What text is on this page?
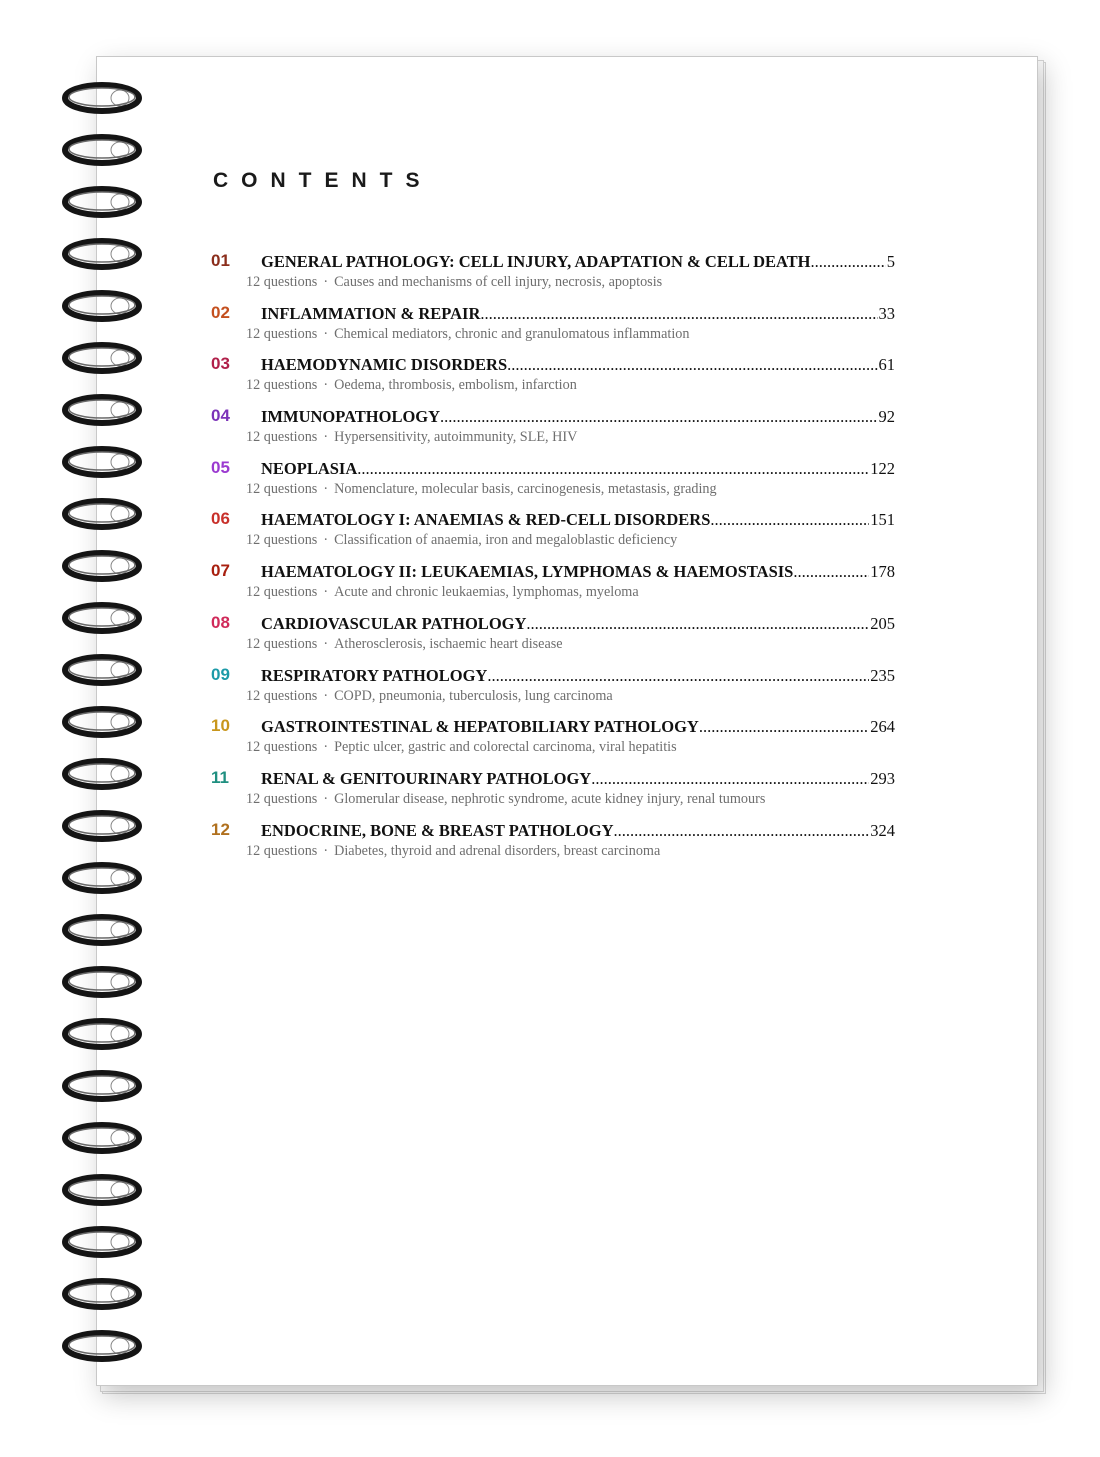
CONTENTS
01 GENERAL PATHOLOGY: CELL INJURY, ADAPTATION & CELL DEATH .....	5
12 questions · Causes and mechanisms of cell injury, necrosis, apoptosis
02 INFLAMMATION & REPAIR .....	33
12 questions · Chemical mediators, chronic and granulomatous inflammation
03 HAEMODYNAMIC DISORDERS .....	61
12 questions · Oedema, thrombosis, embolism, infarction
04 IMMUNOPATHOLOGY .....	92
12 questions · Hypersensitivity, autoimmunity, SLE, HIV
05 NEOPLASIA .....	122
12 questions · Nomenclature, molecular basis, carcinogenesis, metastasis, grading
06 HAEMATOLOGY I: ANAEMIAS & RED-CELL DISORDERS .....	151
12 questions · Classification of anaemia, iron and megaloblastic deficiency
07 HAEMATOLOGY II: LEUKAEMIAS, LYMPHOMAS & HAEMOSTASIS .....	178
12 questions · Acute and chronic leukaemias, lymphomas, myeloma
08 CARDIOVASCULAR PATHOLOGY .....	205
12 questions · Atherosclerosis, ischaemic heart disease
09 RESPIRATORY PATHOLOGY .....	235
12 questions · COPD, pneumonia, tuberculosis, lung carcinoma
10 GASTROINTESTINAL & HEPATOBILIARY PATHOLOGY .....	264
12 questions · Peptic ulcer, gastric and colorectal carcinoma, viral hepatitis
11 RENAL & GENITOURINARY PATHOLOGY .....	293
12 questions · Glomerular disease, nephrotic syndrome, acute kidney injury, renal tumours
12 ENDOCRINE, BONE & BREAST PATHOLOGY .....	324
12 questions · Diabetes, thyroid and adrenal disorders, breast carcinoma
